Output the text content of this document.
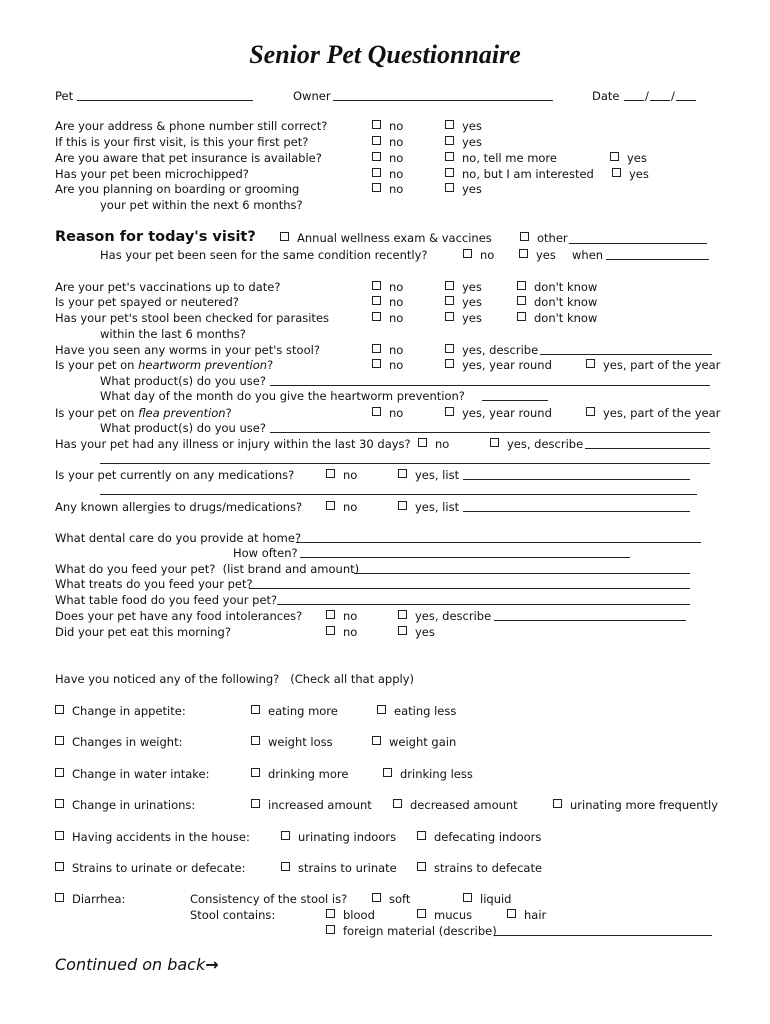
Senior Pet Questionnaire
Pet	Owner	Date / /
Are your address & phone number still correct?	no	yes
If this is your first visit, is this your first pet?	no	yes
Are you aware that pet insurance is available?	no	no, tell me more	yes
Has your pet been microchipped?	no	no, but I am interested	yes
Are you planning on boarding or grooming	no	yes
your pet within the next 6 months?
Reason for today's visit?	Annual wellness exam & vaccines	other
Has your pet been seen for the same condition recently?	no	yes when
Are your pet's vaccinations up to date?	no	yes	don't know
Is your pet spayed or neutered?	no	yes	don't know
Has your pet's stool been checked for parasites	no	yes	don't know
within the last 6 months?
Have you seen any worms in your pet's stool?	no	yes, describe
Is your pet on heartworm prevention?	no	yes, year round	yes, part of the year
What product(s) do you use?
What day of the month do you give the heartworm prevention?
Is your pet on flea prevention?	no	yes, year round	yes, part of the year
What product(s) do you use?
Has your pet had any illness or injury within the last 30 days?	no	yes, describe
Is your pet currently on any medications?	no	yes, list
Any known allergies to drugs/medications?	no	yes, list
What dental care do you provide at home?
How often?
What do you feed your pet?  (list brand and amount)
What treats do you feed your pet?
What table food do you feed your pet?
Does your pet have any food intolerances?	no	yes, describe
Did your pet eat this morning?	no	yes
Have you noticed any of the following?   (Check all that apply)
Change in appetite:	eating more	eating less
Changes in weight:	weight loss	weight gain
Change in water intake:	drinking more	drinking less
Change in urinations:	increased amount	decreased amount	urinating more frequently
Having accidents in the house:	urinating indoors	defecating indoors
Strains to urinate or defecate:	strains to urinate	strains to defecate
Diarrhea:	Consistency of the stool is?	soft	liquid
Stool contains:	blood	mucus	hair
foreign material (describe)
Continued on back→
